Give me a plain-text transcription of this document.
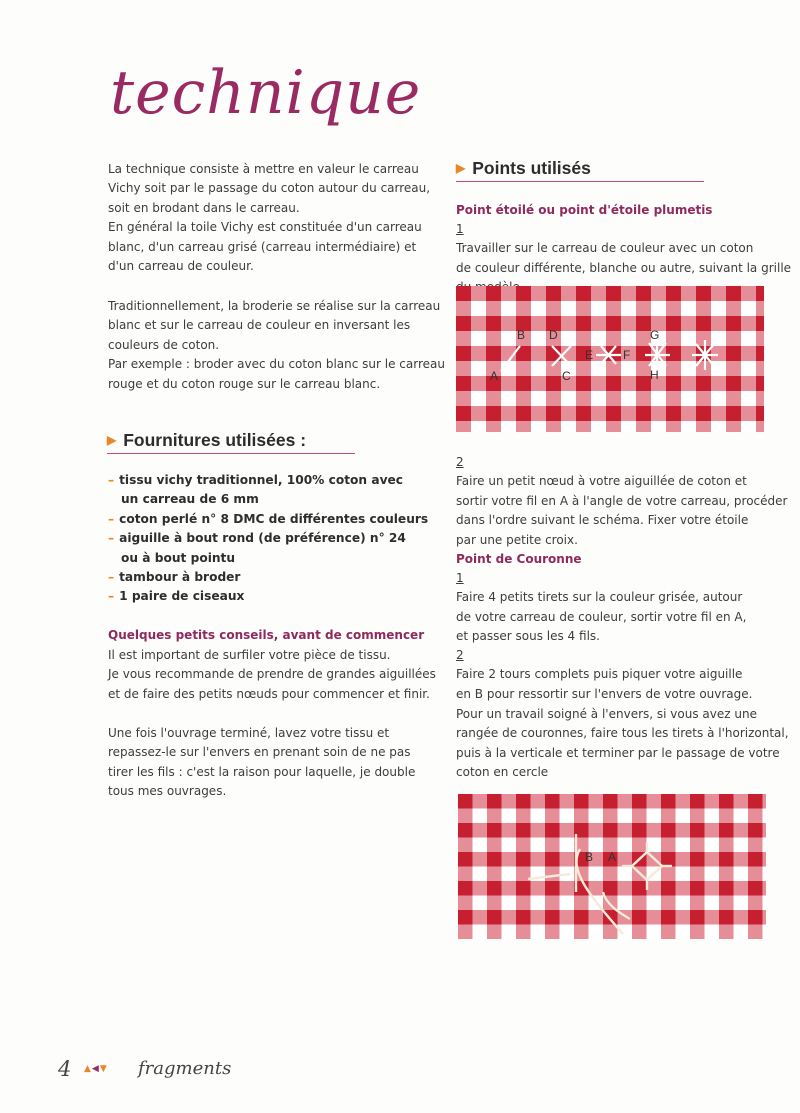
technique
La technique consiste à mettre en valeur le carreau
Vichy soit par le passage du coton autour du carreau,
soit en brodant dans le carreau.
En général la toile Vichy est constituée d'un carreau
blanc, d'un carreau grisé (carreau intermédiaire) et
d'un carreau de couleur.
Traditionnellement, la broderie se réalise sur la carreau
blanc et sur le carreau de couleur en inversant les
couleurs de coton.
Par exemple : broder avec du coton blanc sur le carreau
rouge et du coton rouge sur le carreau blanc.
▶ Fournitures utilisées :
– tissu vichy traditionnel, 100% coton avec
un carreau de 6 mm
– coton perlé n° 8 DMC de différentes couleurs
– aiguille à bout rond (de préférence) n° 24
ou à bout pointu
– tambour à broder
– 1 paire de ciseaux
Quelques petits conseils, avant de commencer
Il est important de surfiler votre pièce de tissu.
Je vous recommande de prendre de grandes aiguillées
et de faire des petits nœuds pour commencer et finir.
Une fois l'ouvrage terminé, lavez votre tissu et
repassez-le sur l'envers en prenant soin de ne pas
tirer les fils : c'est la raison pour laquelle, je double
tous mes ouvrages.
▶ Points utilisés
Point étoilé ou point d'étoile plumetis
1
Travailler sur le carreau de couleur avec un coton
de couleur différente, blanche ou autre, suivant la grille
A
B
C
D
E F
G
H
2
Faire un petit nœud à votre aiguillée de coton et
sortir votre fil en A à l'angle de votre carreau, procéder
dans l'ordre suivant le schéma. Fixer votre étoile
par une petite croix.
Point de Couronne
1
Faire 4 petits tirets sur la couleur grisée, autour
de votre carreau de couleur, sortir votre fil en A,
et passer sous les 4 fils.
2
Faire 2 tours complets puis piquer votre aiguille
en B pour ressortir sur l'envers de votre ouvrage.
Pour un travail soigné à l'envers, si vous avez une
rangée de couronnes, faire tous les tirets à l'horizontal,
puis à la verticale et terminer par le passage de votre
coton en cercle
B A
4 ▲◀▼ fragments
